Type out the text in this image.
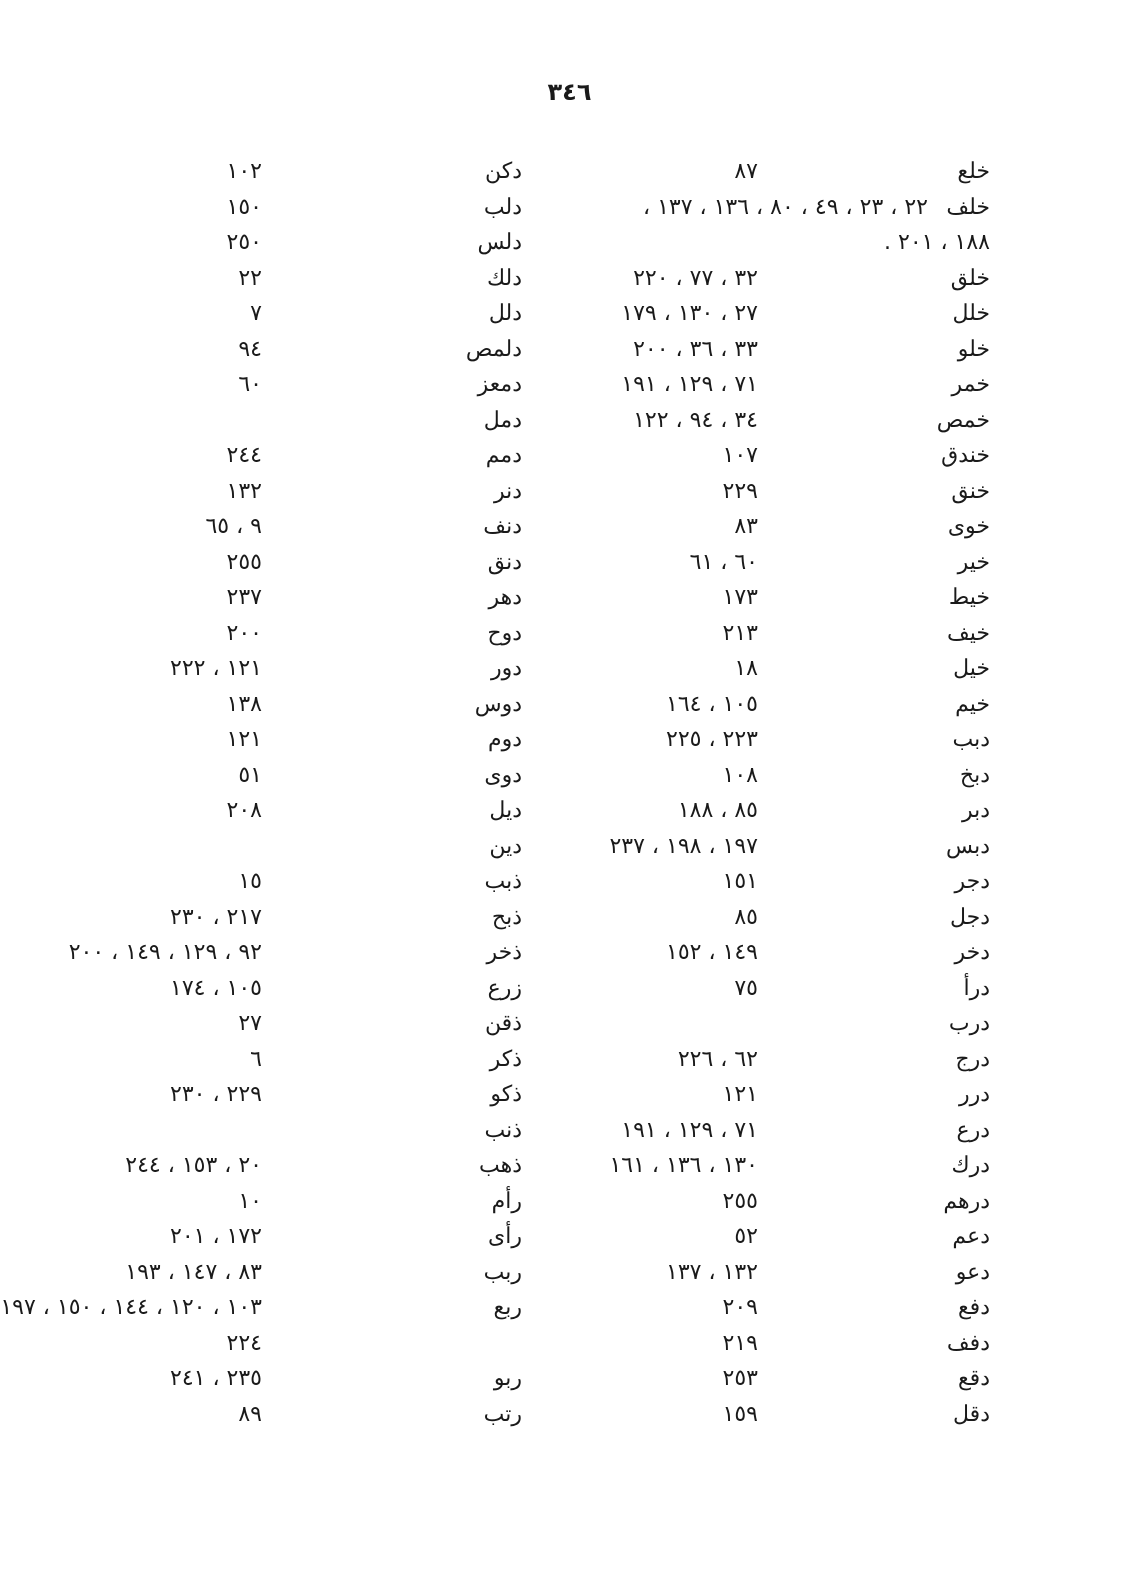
٣٤٦
خلع
٨٧
خلف
٢٢ ، ٢٣ ، ٤٩ ، ٨٠ ، ١٣٦ ، ١٣٧ ،
١٨٨ ، ٢٠١ .
خلق
٣٢ ، ٧٧ ، ٢٢٠
خلل
٢٧ ، ١٣٠ ، ١٧٩
خلو
٣٣ ، ٣٦ ، ٢٠٠
خمر
٧١ ، ١٢٩ ، ١٩١
خمص
٣٤ ، ٩٤ ، ١٢٢
خندق
١٠٧
خنق
٢٢٩
خوى
٨٣
خير
٦٠ ، ٦١
خيط
١٧٣
خيف
٢١٣
خيل
١٨
خيم
١٠٥ ، ١٦٤
دبب
٢٢٣ ، ٢٢٥
دبخ
١٠٨
دبر
٨٥ ، ١٨٨
دبس
١٩٧ ، ١٩٨ ، ٢٣٧
دجر
١٥١
دجل
٨٥
دخر
١٤٩ ، ١٥٢
درأ
٧٥
درب
درج
٦٢ ، ٢٢٦
درر
١٢١
درع
٧١ ، ١٢٩ ، ١٩١
درك
١٣٠ ، ١٣٦ ، ١٦١
درهم
٢٥٥
دعم
٥٢
دعو
١٣٢ ، ١٣٧
دفع
٢٠٩
دفف
٢١٩
دقع
٢٥٣
دقل
١٥٩
دكن
١٠٢
دلب
١٥٠
دلس
٢٥٠
دلك
٢٢
دلل
٧
دلمص
٩٤
دمعز
٦٠
دمل
دمم
٢٤٤
دنر
١٣٢
دنف
٩ ، ٦٥
دنق
٢٥٥
دهر
٢٣٧
دوح
٢٠٠
دور
١٢١ ، ٢٢٢
دوس
١٣٨
دوم
١٢١
دوى
٥١
ديل
٢٠٨
دين
ذبب
١٥
ذبح
٢١٧ ، ٢٣٠
ذخر
٩٢ ، ١٢٩ ، ١٤٩ ، ٢٠٠
زرع
١٠٥ ، ١٧٤
ذقن
٢٧
ذكر
٦
ذكو
٢٢٩ ، ٢٣٠
ذنب
ذهب
٢٠ ، ١٥٣ ، ٢٤٤
رأم
١٠
رأى
١٧٢ ، ٢٠١
ربب
٨٣ ، ١٤٧ ، ١٩٣
ربع
١٠٣ ، ١٢٠ ، ١٤٤ ، ١٥٠ ، ١٩٧
٢٢٤
ربو
٢٣٥ ، ٢٤١
رتب
٨٩
